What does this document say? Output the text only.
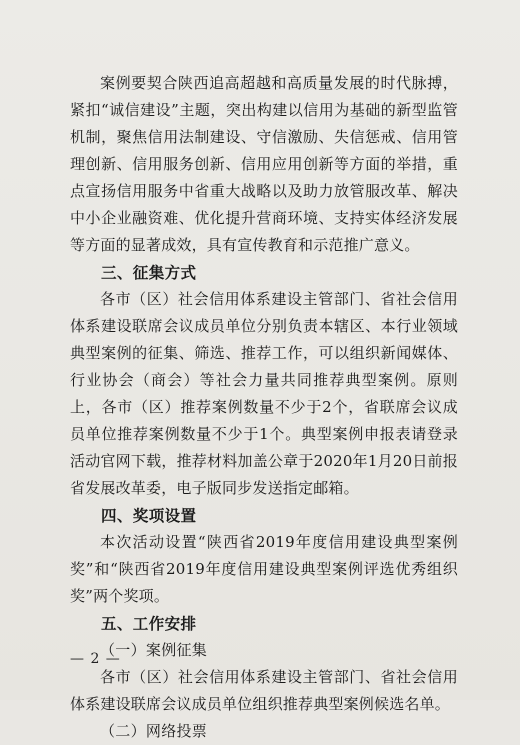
案例要契合陕西追高超越和高质量发展的时代脉搏，紧扣“诚信建设”主题，突出构建以信用为基础的新型监管机制，聚焦信用法制建设、守信激励、失信惩戒、信用管理创新、信用服务创新、信用应用创新等方面的举措，重点宣扬信用服务中省重大战略以及助力放管服改革、解决中小企业融资难、优化提升营商环境、支持实体经济发展等方面的显著成效，具有宣传教育和示范推广意义。

三、征集方式

各市（区）社会信用体系建设主管部门、省社会信用体系建设联席会议成员单位分别负责本辖区、本行业领域典型案例的征集、筛选、推荐工作，可以组织新闻媒体、行业协会（商会）等社会力量共同推荐典型案例。原则上，各市（区）推荐案例数量不少于2个，省联席会议成员单位推荐案例数量不少于1个。典型案例申报表请登录活动官网下载，推荐材料加盖公章于2020年1月20日前报省发展改革委，电子版同步发送指定邮箱。

四、奖项设置

本次活动设置“陕西省2019年度信用建设典型案例奖”和“陕西省2019年度信用建设典型案例评选优秀组织奖”两个奖项。

五、工作安排

（一）案例征集

各市（区）社会信用体系建设主管部门、省社会信用体系建设联席会议成员单位组织推荐典型案例候选名单。

（二）网络投票

— 2 —
